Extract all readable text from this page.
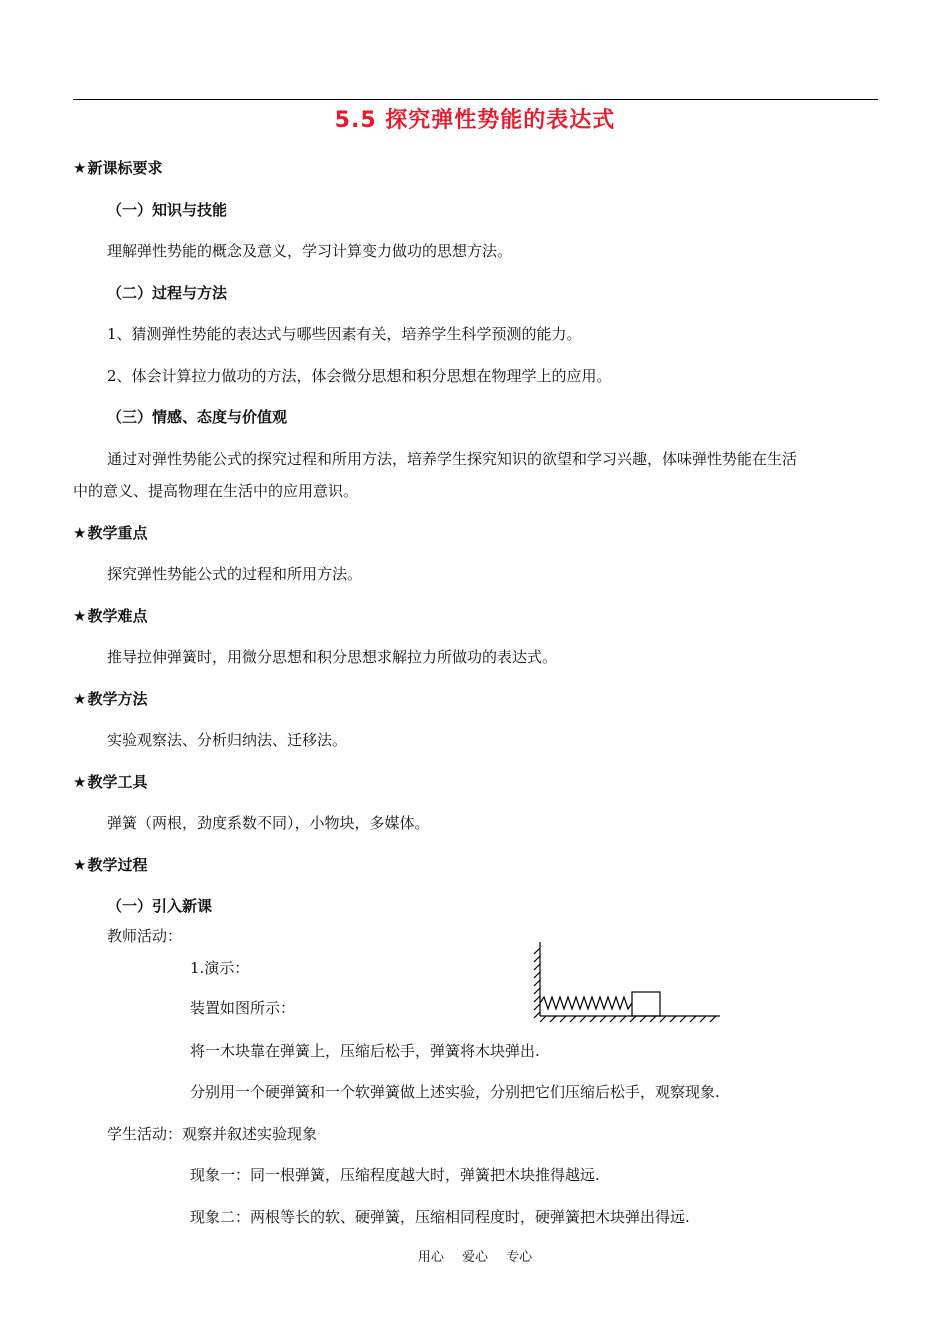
5.5 探究弹性势能的表达式
★新课标要求
（一）知识与技能
理解弹性势能的概念及意义，学习计算变力做功的思想方法。
（二）过程与方法
1、猜测弹性势能的表达式与哪些因素有关，培养学生科学预测的能力。
2、体会计算拉力做功的方法，体会微分思想和积分思想在物理学上的应用。
（三）情感、态度与价值观
通过对弹性势能公式的探究过程和所用方法，培养学生探究知识的欲望和学习兴趣，体味弹性势能在生活
中的意义、提高物理在生活中的应用意识。
★教学重点
探究弹性势能公式的过程和所用方法。
★教学难点
推导拉伸弹簧时，用微分思想和积分思想求解拉力所做功的表达式。
★教学方法
实验观察法、分析归纳法、迁移法。
★教学工具
弹簧（两根，劲度系数不同），小物块，多媒体。
★教学过程
（一）引入新课
教师活动：
1.演示：
装置如图所示：
将一木块靠在弹簧上，压缩后松手，弹簧将木块弹出.
分别用一个硬弹簧和一个软弹簧做上述实验，分别把它们压缩后松手，观察现象.
学生活动：观察并叙述实验现象
现象一：同一根弹簧，压缩程度越大时，弹簧把木块推得越远.
现象二：两根等长的软、硬弹簧，压缩相同程度时，硬弹簧把木块弹出得远.
用心 爱心 专心
